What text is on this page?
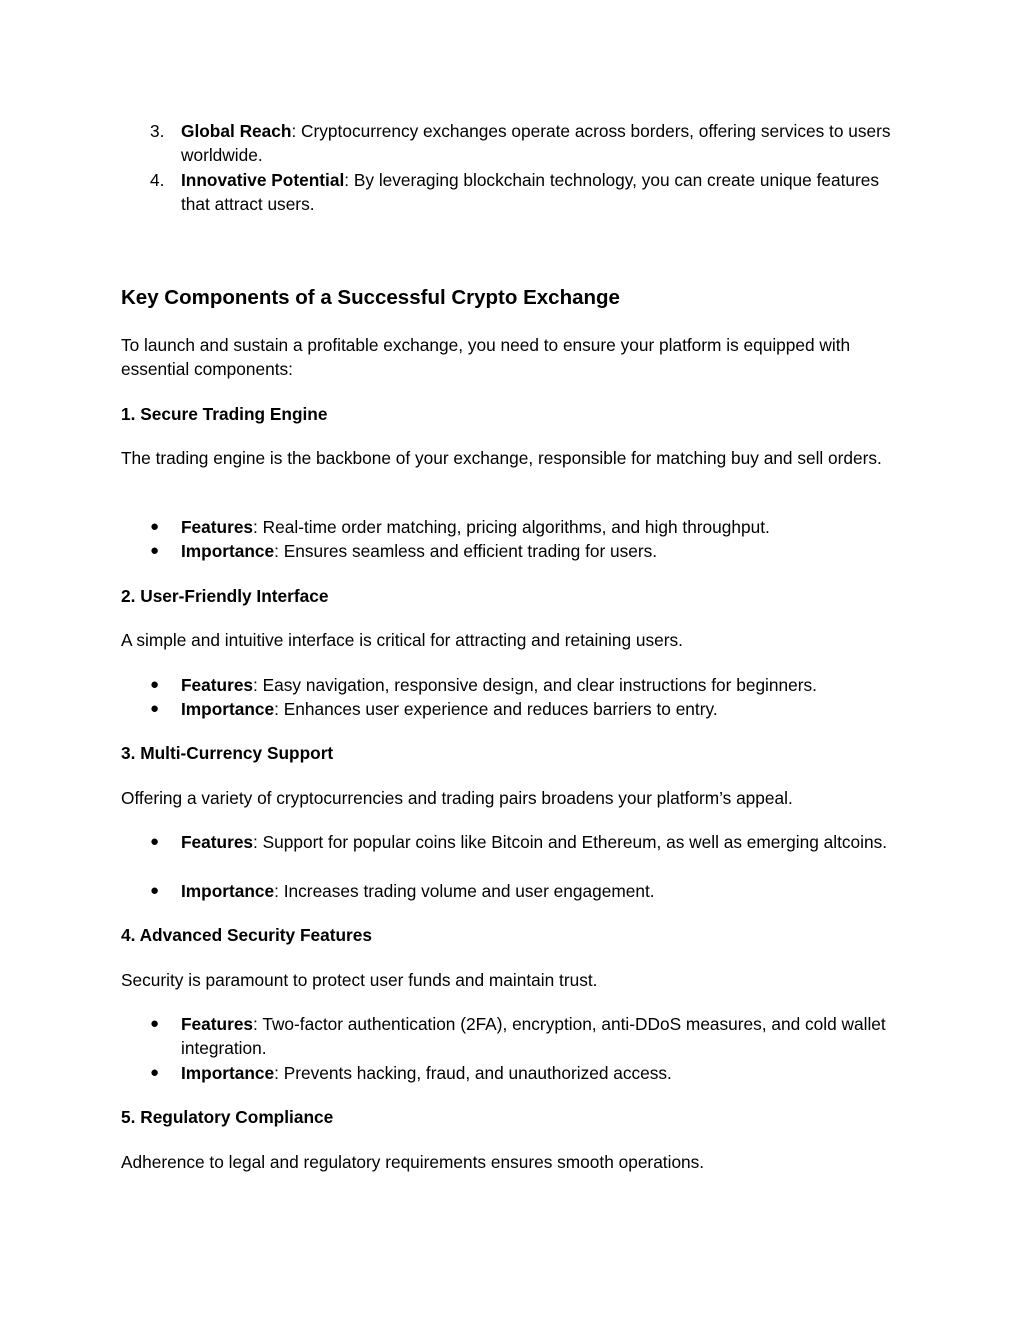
3. Global Reach: Cryptocurrency exchanges operate across borders, offering services to users worldwide.
4. Innovative Potential: By leveraging blockchain technology, you can create unique features that attract users.
Key Components of a Successful Crypto Exchange
To launch and sustain a profitable exchange, you need to ensure your platform is equipped with essential components:
1. Secure Trading Engine
The trading engine is the backbone of your exchange, responsible for matching buy and sell orders.
●	Features: Real-time order matching, pricing algorithms, and high throughput.
●	Importance: Ensures seamless and efficient trading for users.
2. User-Friendly Interface
A simple and intuitive interface is critical for attracting and retaining users.
●	Features: Easy navigation, responsive design, and clear instructions for beginners.
●	Importance: Enhances user experience and reduces barriers to entry.
3. Multi-Currency Support
Offering a variety of cryptocurrencies and trading pairs broadens your platform’s appeal.
●	Features: Support for popular coins like Bitcoin and Ethereum, as well as emerging altcoins.
●	Importance: Increases trading volume and user engagement.
4. Advanced Security Features
Security is paramount to protect user funds and maintain trust.
●	Features: Two-factor authentication (2FA), encryption, anti-DDoS measures, and cold wallet integration.
●	Importance: Prevents hacking, fraud, and unauthorized access.
5. Regulatory Compliance
Adherence to legal and regulatory requirements ensures smooth operations.
